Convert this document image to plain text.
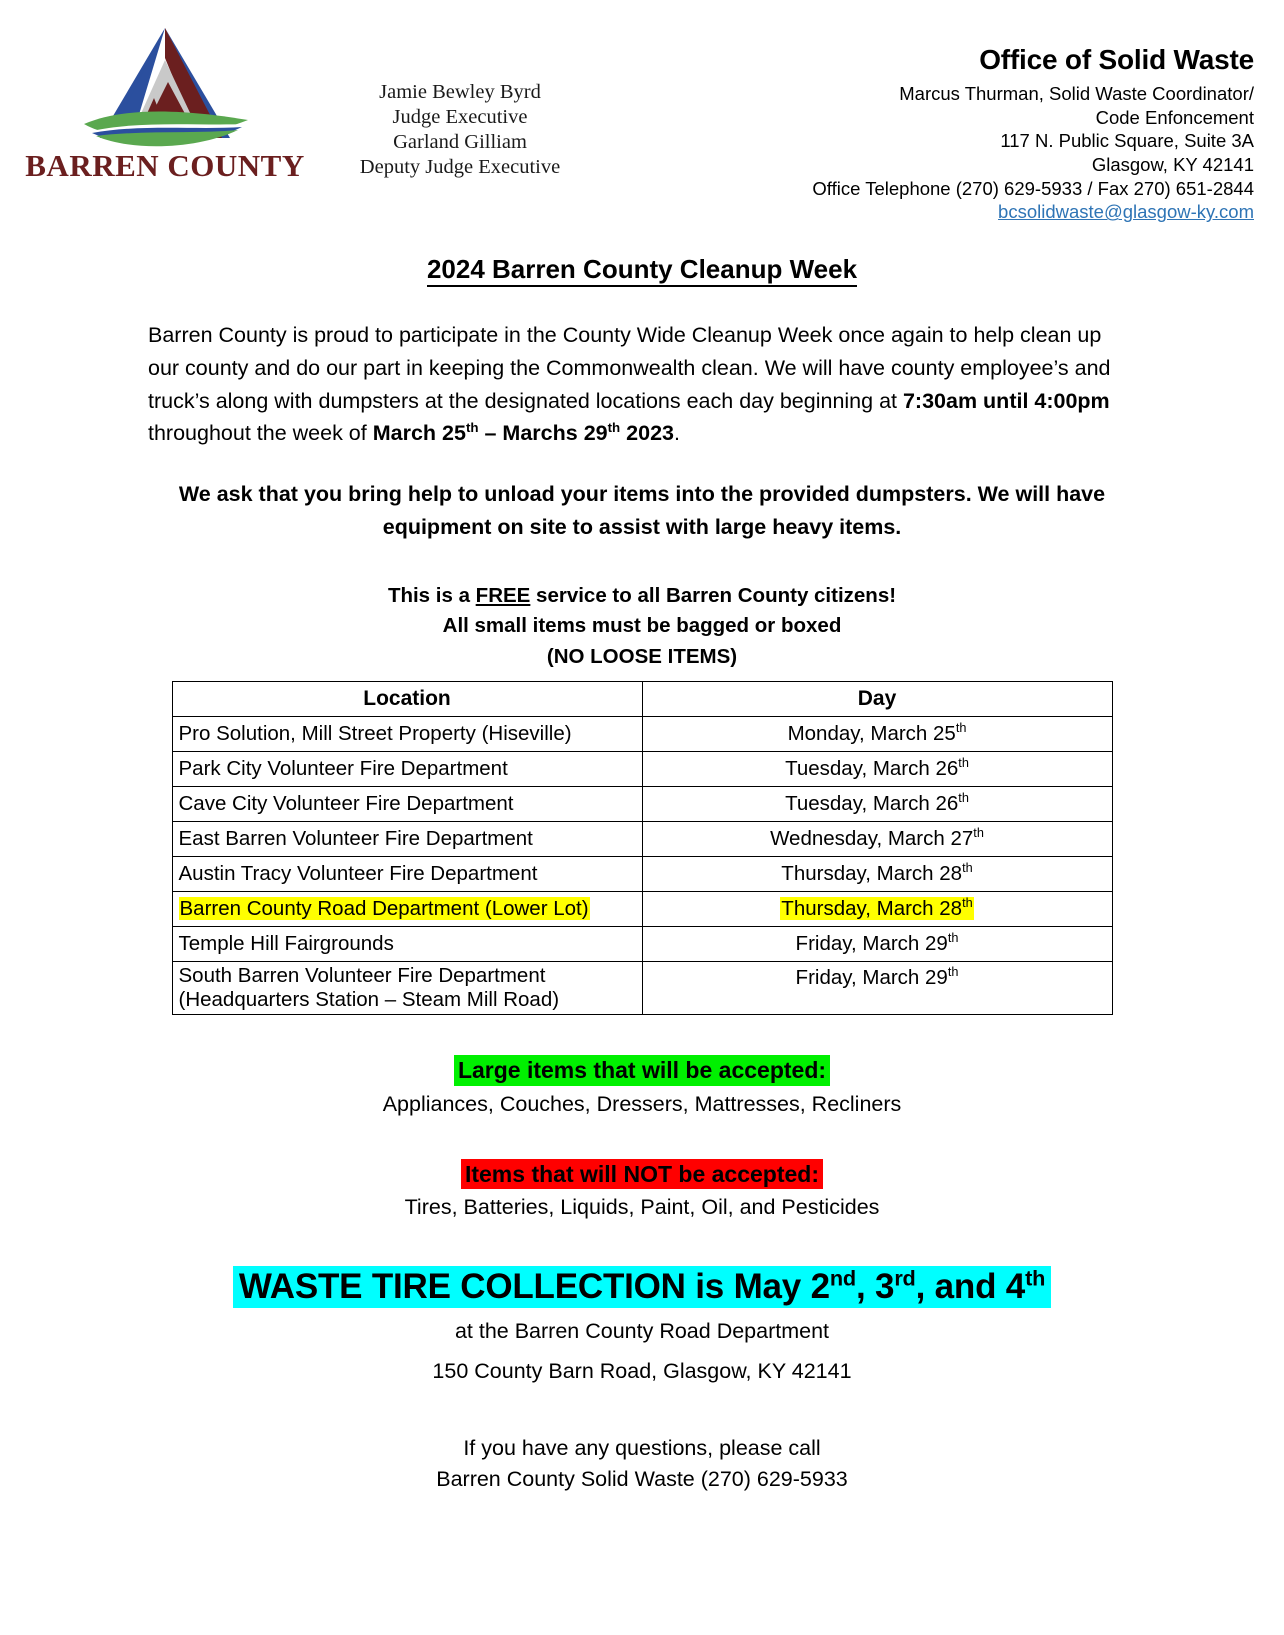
BARREN COUNTY
Jamie Bewley Byrd
Judge Executive
Garland Gilliam
Deputy Judge Executive
Office of Solid Waste
Marcus Thurman, Solid Waste Coordinator/
Code Enfoncement
117 N. Public Square, Suite 3A
Glasgow, KY 42141
Office Telephone (270) 629-5933 / Fax 270) 651-2844
bcsolidwaste@glasgow-ky.com
2024 Barren County Cleanup Week

Barren County is proud to participate in the County Wide Cleanup Week once again to help clean up our county and do our part in keeping the Commonwealth clean. We will have county employee’s and truck’s along with dumpsters at the designated locations each day beginning at 7:30am until 4:00pm throughout the week of March 25th – Marchs 29th 2023.

We ask that you bring help to unload your items into the provided dumpsters. We will have equipment on site to assist with large heavy items.

This is a FREE service to all Barren County citizens!
All small items must be bagged or boxed
(NO LOOSE ITEMS)
Location	Day
Pro Solution, Mill Street Property (Hiseville)	Monday, March 25th
Park City Volunteer Fire Department	Tuesday, March 26th
Cave City Volunteer Fire Department	Tuesday, March 26th
East Barren Volunteer Fire Department	Wednesday, March 27th
Austin Tracy Volunteer Fire Department	Thursday, March 28th
Barren County Road Department (Lower Lot)	Thursday, March 28th
Temple Hill Fairgrounds	Friday, March 29th

South Barren Volunteer Fire Department
(Headquarters Station – Steam Mill Road)	Friday, March 29th
Large items that will be accepted:
Appliances, Couches, Dressers, Mattresses, Recliners
Items that will NOT be accepted:
Tires, Batteries, Liquids, Paint, Oil, and Pesticides
WASTE TIRE COLLECTION is May 2nd, 3rd, and 4th
at the Barren County Road Department
150 County Barn Road, Glasgow, KY 42141
If you have any questions, please call
Barren County Solid Waste (270) 629-5933
